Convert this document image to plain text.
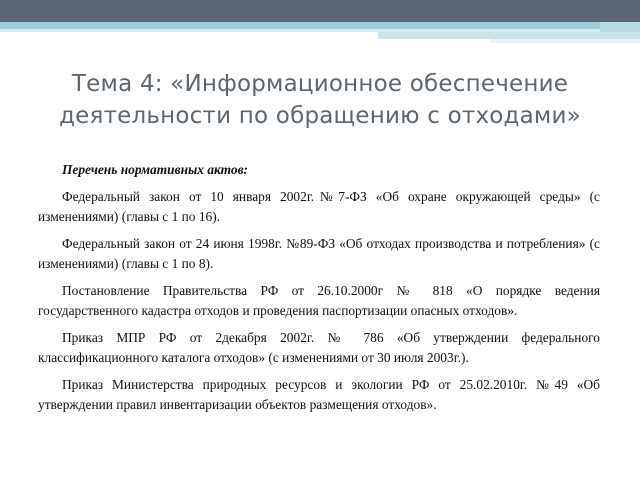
Тема 4: «Информационное обеспечение
деятельности по обращению с отходами»

Перечень нормативных актов:

Федеральный закон от 10 января 2002г.№7-ФЗ «Об охране окружающей среды» (с изменениями) (главы с 1 по 16).

Федеральный закон от 24 июня 1998г. №89-ФЗ «Об отходах производства и потребления» (с изменениями) (главы с 1 по 8).

Постановление Правительства РФ от 26.10.2000г № 818 «О порядке ведения государственного кадастра отходов и проведения паспортизации опасных отходов».

Приказ МПР РФ от 2декабря 2002г. № 786 «Об утверждении федерального классификационного каталога отходов» (с изменениями от 30 июля 2003г.).

Приказ Министерства природных ресурсов и экологии РФ от 25.02.2010г. №49 «Об утверждении правил инвентаризации объектов размещения отходов».
